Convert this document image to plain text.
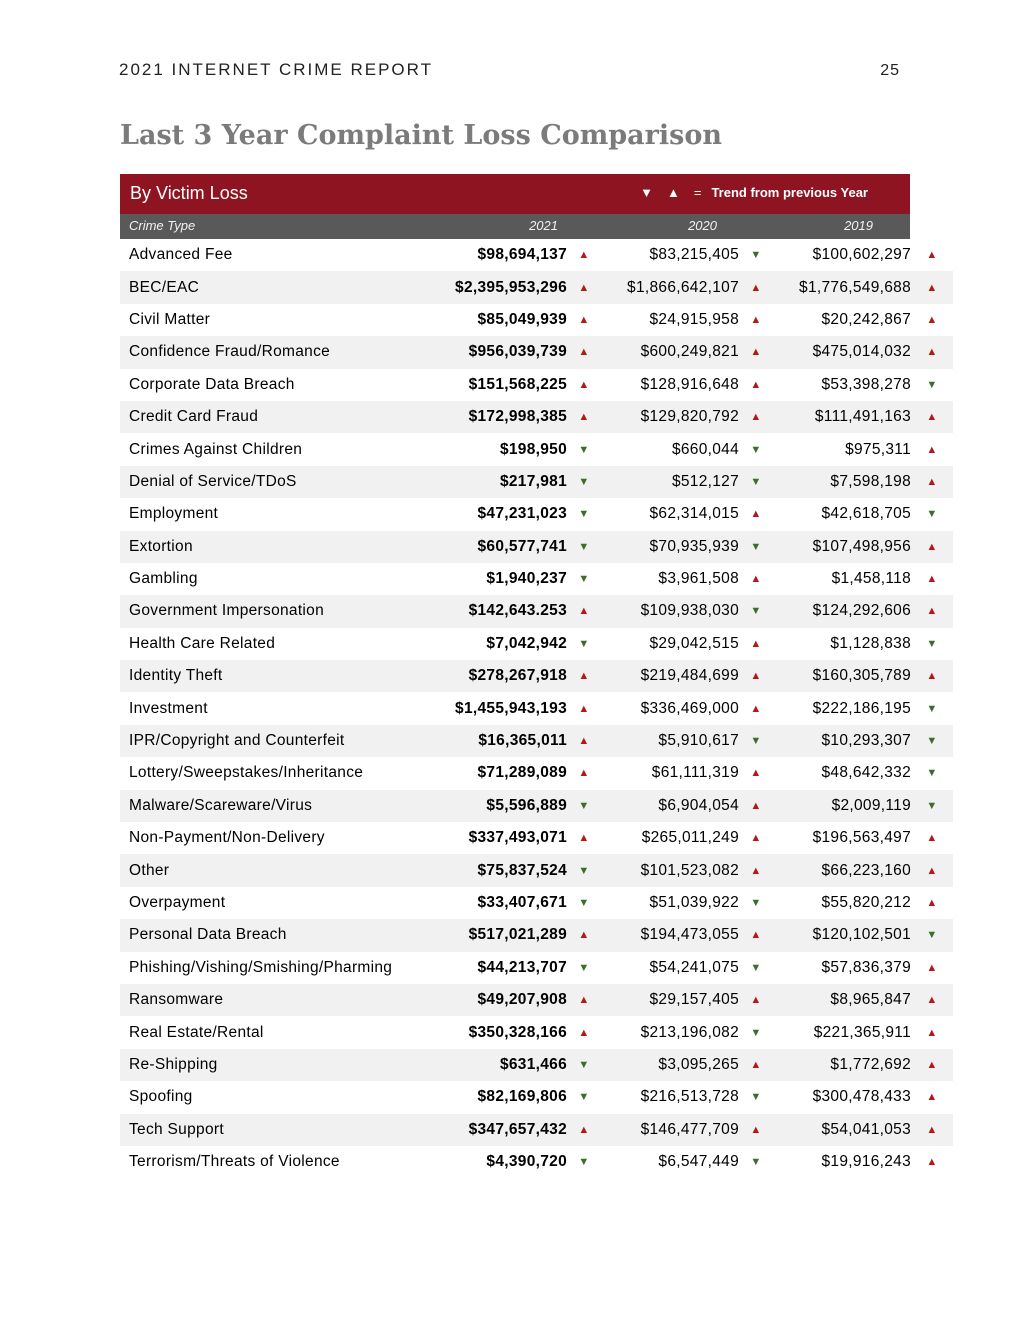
2021 INTERNET CRIME REPORT	25
Last 3 Year Complaint Loss Comparison
By Victim Loss	▼ ▲ = Trend from previous Year
Crime Type	2021	2020	2019
Advanced Fee	$98,694,137	▲	$83,215,405	▼	$100,602,297	▲
BEC/EAC	$2,395,953,296	▲	$1,866,642,107	▲	$1,776,549,688	▲
Civil Matter	$85,049,939	▲	$24,915,958	▲	$20,242,867	▲
Confidence Fraud/Romance	$956,039,739	▲	$600,249,821	▲	$475,014,032	▲
Corporate Data Breach	$151,568,225	▲	$128,916,648	▲	$53,398,278	▼
Credit Card Fraud	$172,998,385	▲	$129,820,792	▲	$111,491,163	▲
Crimes Against Children	$198,950	▼	$660,044	▼	$975,311	▲
Denial of Service/TDoS	$217,981	▼	$512,127	▼	$7,598,198	▲
Employment	$47,231,023	▼	$62,314,015	▲	$42,618,705	▼
Extortion	$60,577,741	▼	$70,935,939	▼	$107,498,956	▲
Gambling	$1,940,237	▼	$3,961,508	▲	$1,458,118	▲
Government Impersonation	$142,643.253	▲	$109,938,030	▼	$124,292,606	▲
Health Care Related	$7,042,942	▼	$29,042,515	▲	$1,128,838	▼
Identity Theft	$278,267,918	▲	$219,484,699	▲	$160,305,789	▲
Investment	$1,455,943,193	▲	$336,469,000	▲	$222,186,195	▼
IPR/Copyright and Counterfeit	$16,365,011	▲	$5,910,617	▼	$10,293,307	▼
Lottery/Sweepstakes/Inheritance	$71,289,089	▲	$61,111,319	▲	$48,642,332	▼
Malware/Scareware/Virus	$5,596,889	▼	$6,904,054	▲	$2,009,119	▼
Non-Payment/Non-Delivery	$337,493,071	▲	$265,011,249	▲	$196,563,497	▲
Other	$75,837,524	▼	$101,523,082	▲	$66,223,160	▲
Overpayment	$33,407,671	▼	$51,039,922	▼	$55,820,212	▲
Personal Data Breach	$517,021,289	▲	$194,473,055	▲	$120,102,501	▼
Phishing/Vishing/Smishing/Pharming	$44,213,707	▼	$54,241,075	▼	$57,836,379	▲
Ransomware	$49,207,908	▲	$29,157,405	▲	$8,965,847	▲
Real Estate/Rental	$350,328,166	▲	$213,196,082	▼	$221,365,911	▲
Re-Shipping	$631,466	▼	$3,095,265	▲	$1,772,692	▲
Spoofing	$82,169,806	▼	$216,513,728	▼	$300,478,433	▲
Tech Support	$347,657,432	▲	$146,477,709	▲	$54,041,053	▲
Terrorism/Threats of Violence	$4,390,720	▼	$6,547,449	▼	$19,916,243	▲
